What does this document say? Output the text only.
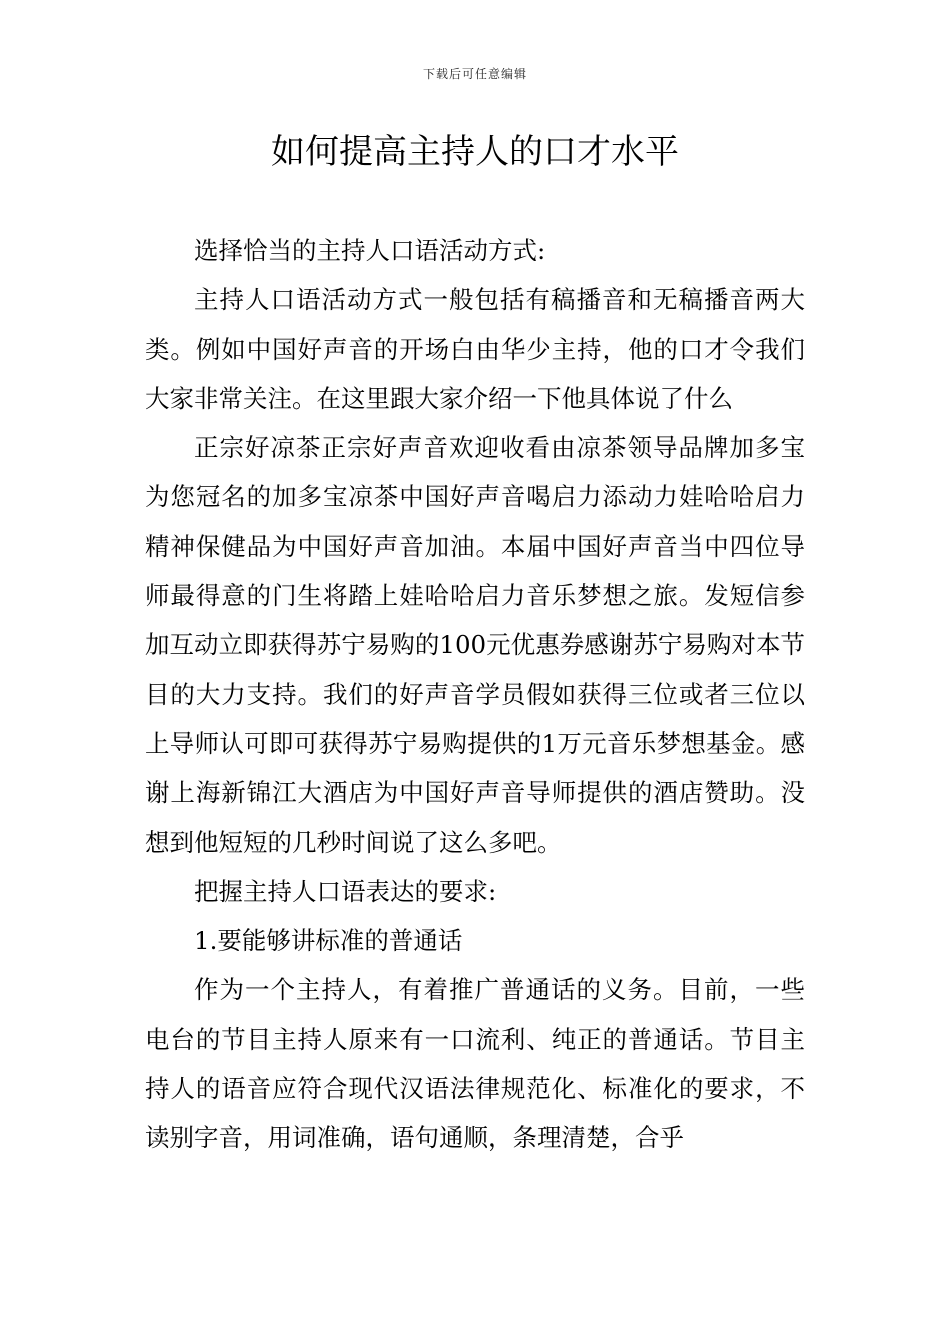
下载后可任意编辑
如何提高主持人的口才水平

选择恰当的主持人口语活动方式:

主持人口语活动方式一般包括有稿播音和无稿播音两大类。例如中国好声音的开场白由华少主持，他的口才令我们大家非常关注。在这里跟大家介绍一下他具体说了什么

正宗好凉茶正宗好声音欢迎收看由凉茶领导品牌加多宝为您冠名的加多宝凉茶中国好声音喝启力添动力娃哈哈启力精神保健品为中国好声音加油。本届中国好声音当中四位导师最得意的门生将踏上娃哈哈启力音乐梦想之旅。发短信参加互动立即获得苏宁易购的100元优惠券感谢苏宁易购对本节目的大力支持。我们的好声音学员假如获得三位或者三位以上导师认可即可获得苏宁易购提供的1万元音乐梦想基金。感谢上海新锦江大酒店为中国好声音导师提供的酒店赞助。没想到他短短的几秒时间说了这么多吧。

把握主持人口语表达的要求:

1.要能够讲标准的普通话

作为一个主持人，有着推广普通话的义务。目前，一些电台的节目主持人原来有一口流利、纯正的普通话。节目主持人的语音应符合现代汉语法律规范化、标准化的要求，不读别字音，用词准确，语句通顺，条理清楚，合乎
